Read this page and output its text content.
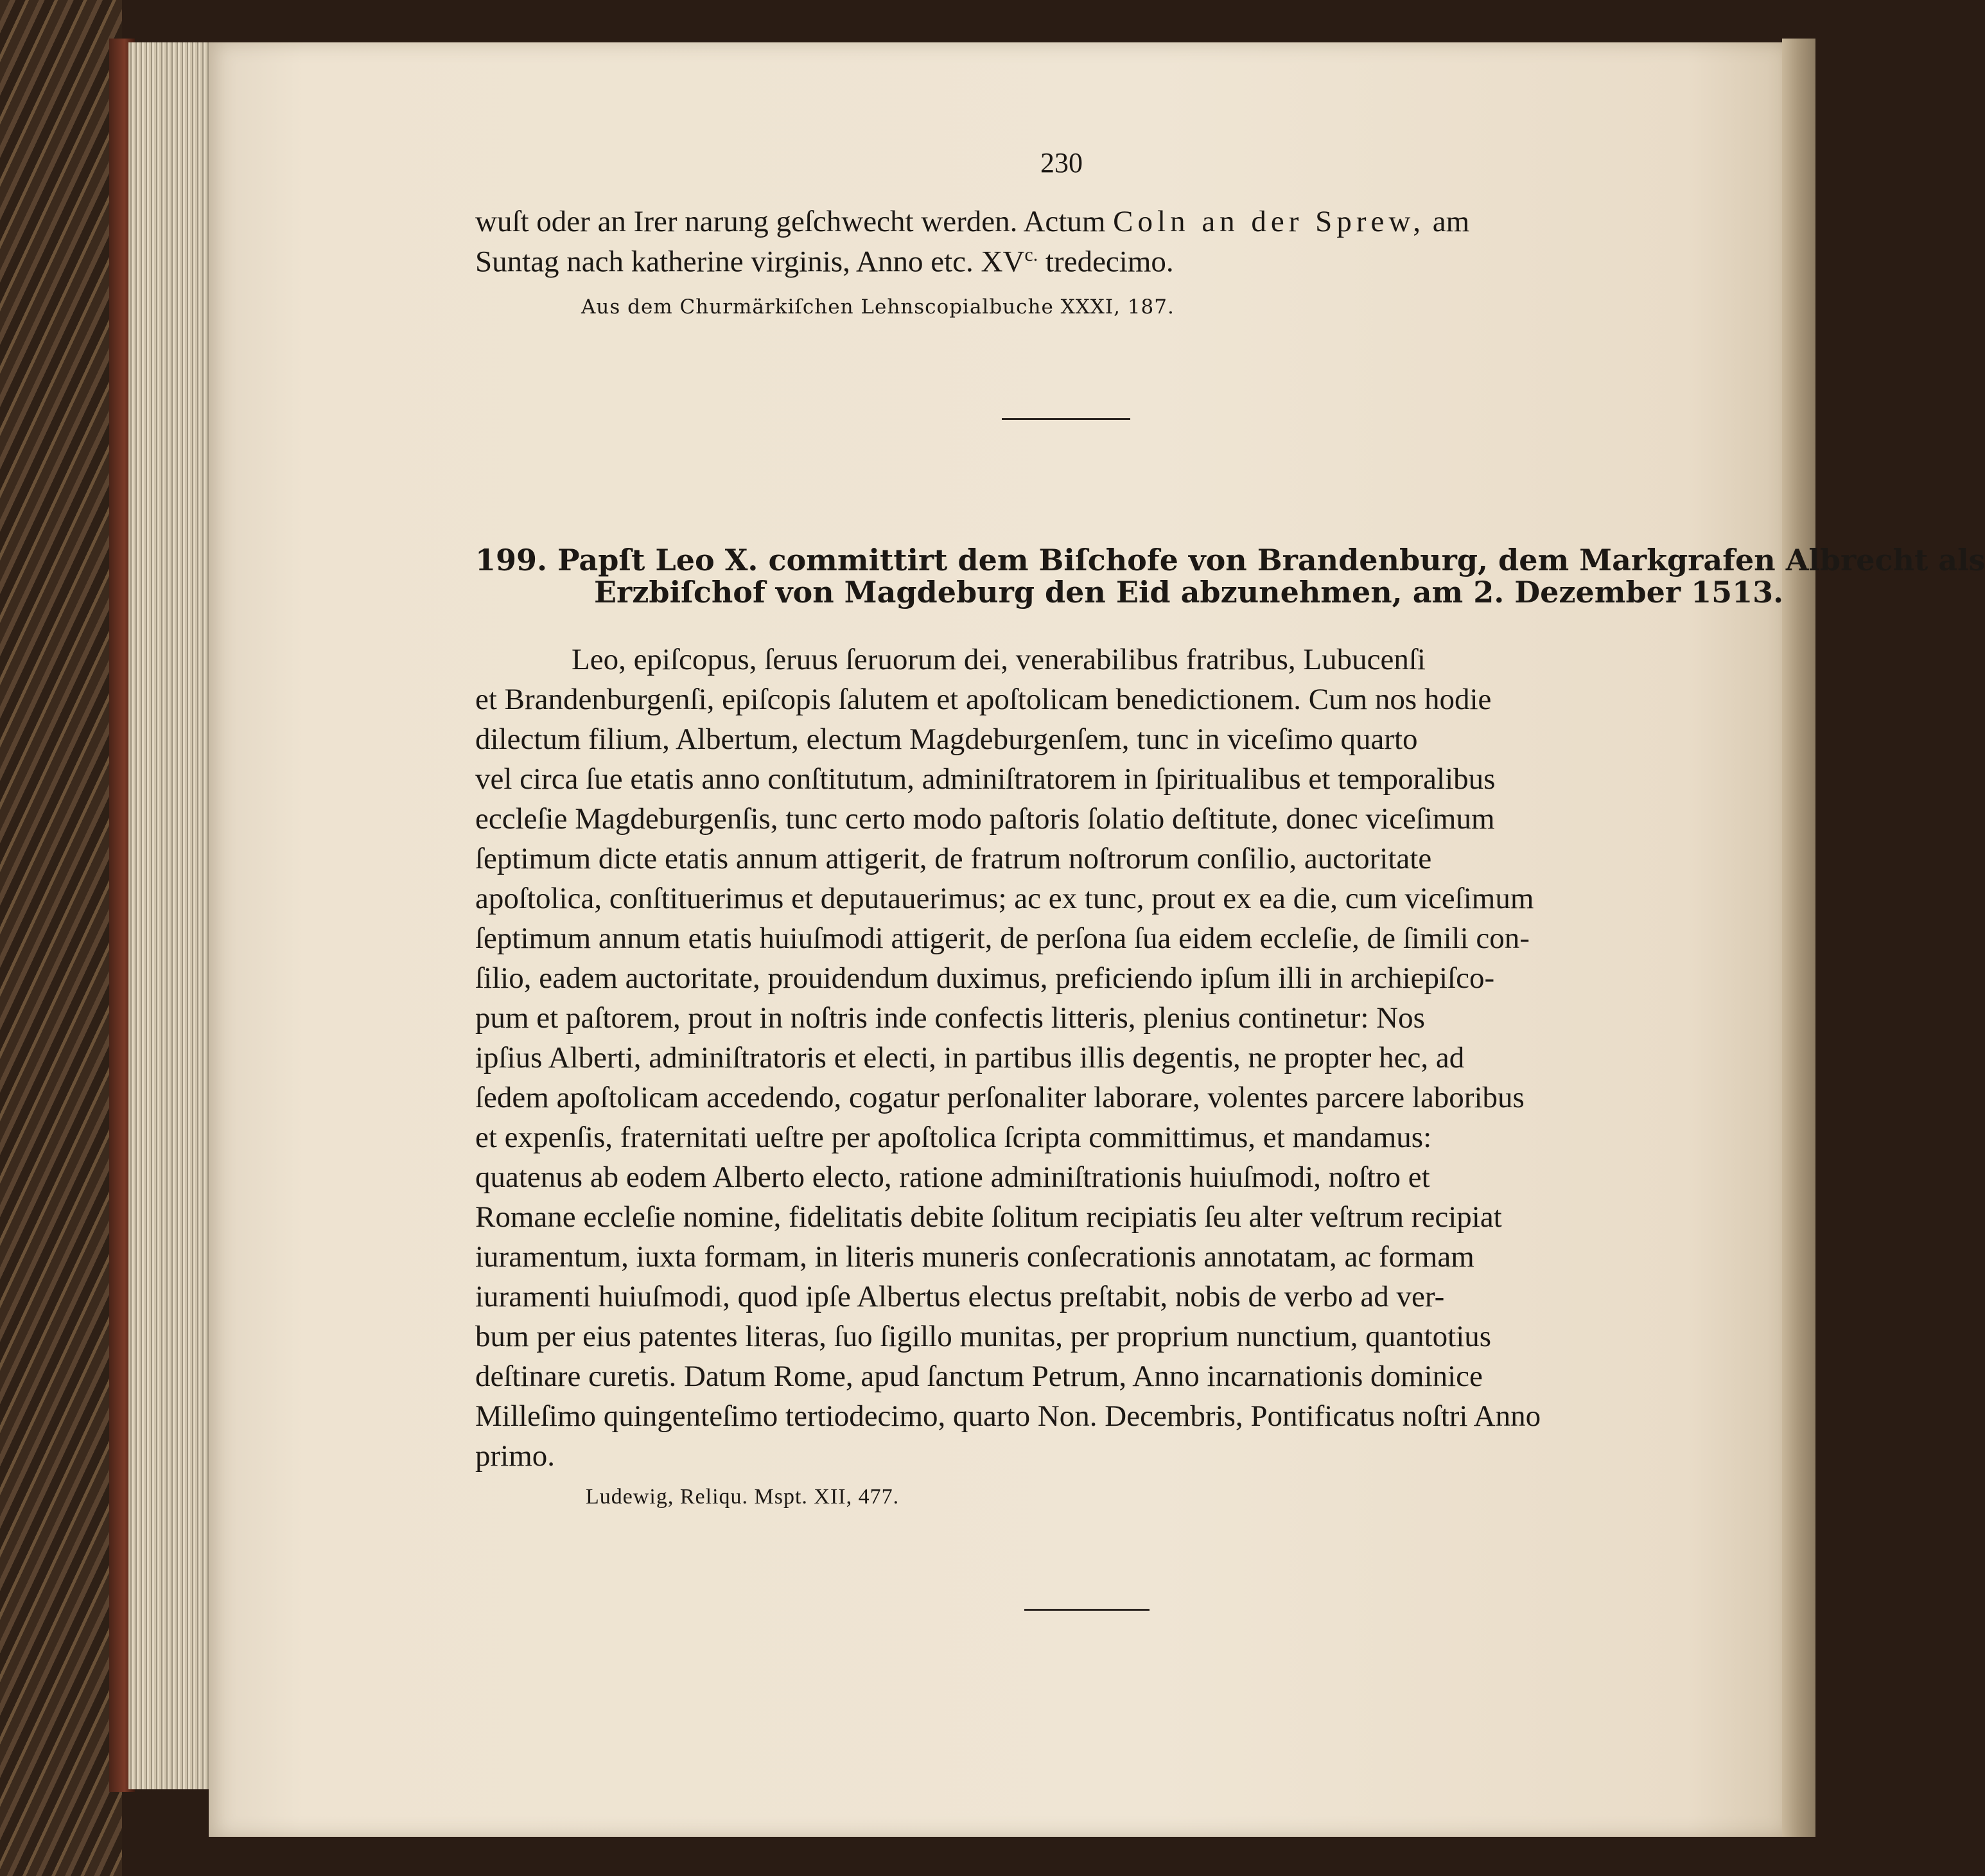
230
wuſt oder an Irer narung geſchwecht werden. Actum Coln an der Sprew, am
Suntag nach katherine virginis, Anno etc. $XV^{c.}$ tredecimo.
Aus dem Churmärkiſchen Lehnscopialbuche XXXI, 187.
199. Papſt Leo X. committirt dem Biſchofe von Brandenburg, dem Markgrafen Albrecht als
Erzbiſchof von Magdeburg den Eid abzunehmen, am 2. Dezember 1513.
Leo, epiſcopus, ſeruus ſeruorum dei, venerabilibus fratribus, Lubucenſi
et Brandenburgenſi, epiſcopis ſalutem et apoſtolicam benedictionem. Cum nos hodie
dilectum filium, Albertum, electum Magdeburgenſem, tunc in viceſimo quarto
vel circa ſue etatis anno conſtitutum, adminiſtratorem in ſpiritualibus et temporalibus
eccleſie Magdeburgenſis, tunc certo modo paſtoris ſolatio deſtitute, donec viceſimum
ſeptimum dicte etatis annum attigerit, de fratrum noſtrorum conſilio, auctoritate
apoſtolica, conſtituerimus et deputauerimus; ac ex tunc, prout ex ea die, cum viceſimum
ſeptimum annum etatis huiuſmodi attigerit, de perſona ſua eidem eccleſie, de ſimili con-
ſilio, eadem auctoritate, prouidendum duximus, preficiendo ipſum illi in archiepiſco-
pum et paſtorem, prout in noſtris inde confectis litteris, plenius continetur: Nos
ipſius Alberti, adminiſtratoris et electi, in partibus illis degentis, ne propter hec, ad
ſedem apoſtolicam accedendo, cogatur perſonaliter laborare, volentes parcere laboribus
et expenſis, fraternitati ueſtre per apoſtolica ſcripta committimus, et mandamus:
quatenus ab eodem Alberto electo, ratione adminiſtrationis huiuſmodi, noſtro et
Romane eccleſie nomine, fidelitatis debite ſolitum recipiatis ſeu alter veſtrum recipiat
iuramentum, iuxta formam, in literis muneris conſecrationis annotatam, ac formam
iuramenti huiuſmodi, quod ipſe Albertus electus preſtabit, nobis de verbo ad ver-
bum per eius patentes literas, ſuo ſigillo munitas, per proprium nunctium, quantotius
deſtinare curetis. Datum Rome, apud ſanctum Petrum, Anno incarnationis dominice
Milleſimo quingenteſimo tertiodecimo, quarto Non. Decembris, Pontificatus noſtri Anno
primo.
Ludewig, Reliqu. Mspt. XII, 477.
